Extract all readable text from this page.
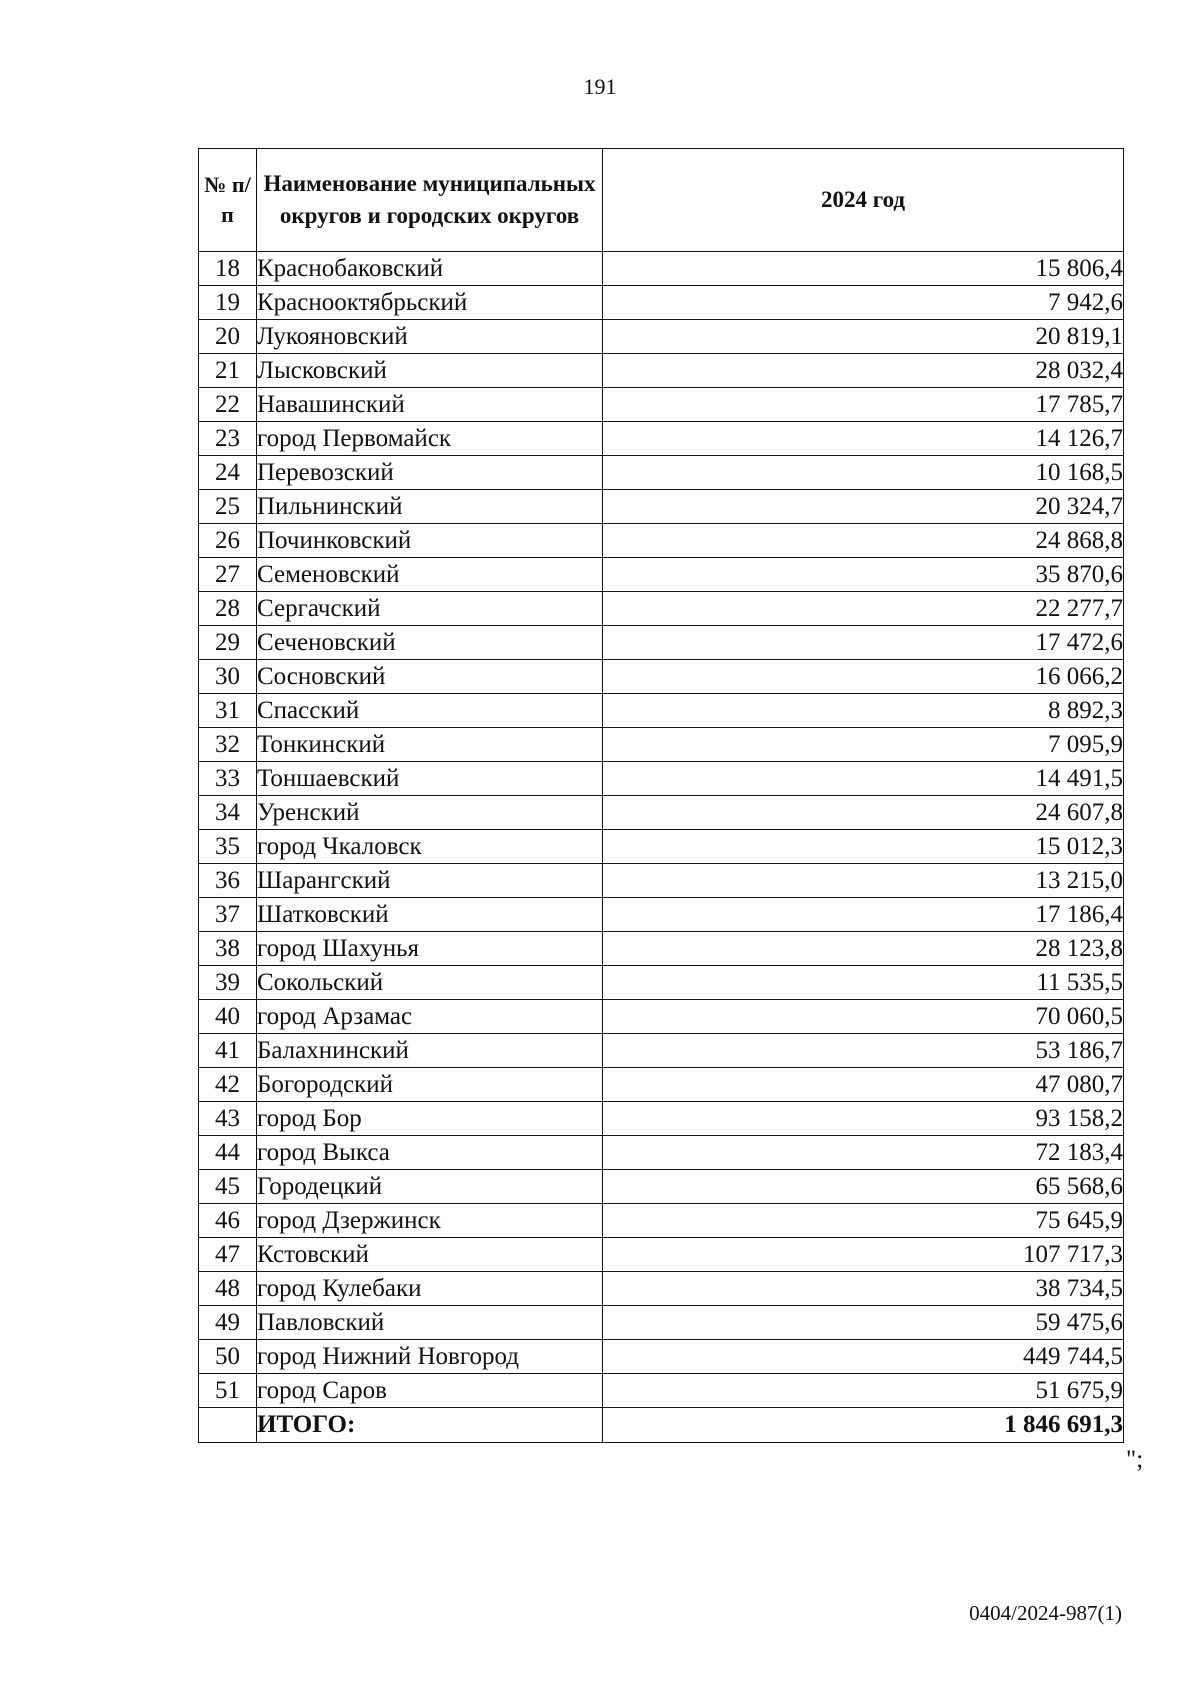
191
№ п/п	Наименование муниципальных округов и городских округов	2024 год
18	Краснобаковский	15 806,4
19	Краснооктябрьский	7 942,6
20	Лукояновский	20 819,1
21	Лысковский	28 032,4
22	Навашинский	17 785,7
23	город Первомайск	14 126,7
24	Перевозский	10 168,5
25	Пильнинский	20 324,7
26	Починковский	24 868,8
27	Семеновский	35 870,6
28	Сергачский	22 277,7
29	Сеченовский	17 472,6
30	Сосновский	16 066,2
31	Спасский	8 892,3
32	Тонкинский	7 095,9
33	Тоншаевский	14 491,5
34	Уренский	24 607,8
35	город Чкаловск	15 012,3
36	Шарангский	13 215,0
37	Шатковский	17 186,4
38	город Шахунья	28 123,8
39	Сокольский	11 535,5
40	город Арзамас	70 060,5
41	Балахнинский	53 186,7
42	Богородский	47 080,7
43	город Бор	93 158,2
44	город Выкса	72 183,4
45	Городецкий	65 568,6
46	город Дзержинск	75 645,9
47	Кстовский	107 717,3
48	город Кулебаки	38 734,5
49	Павловский	59 475,6
50	город Нижний Новгород	449 744,5
51	город Саров	51 675,9
	ИТОГО:	1 846 691,3
";
0404/2024-987(1)
